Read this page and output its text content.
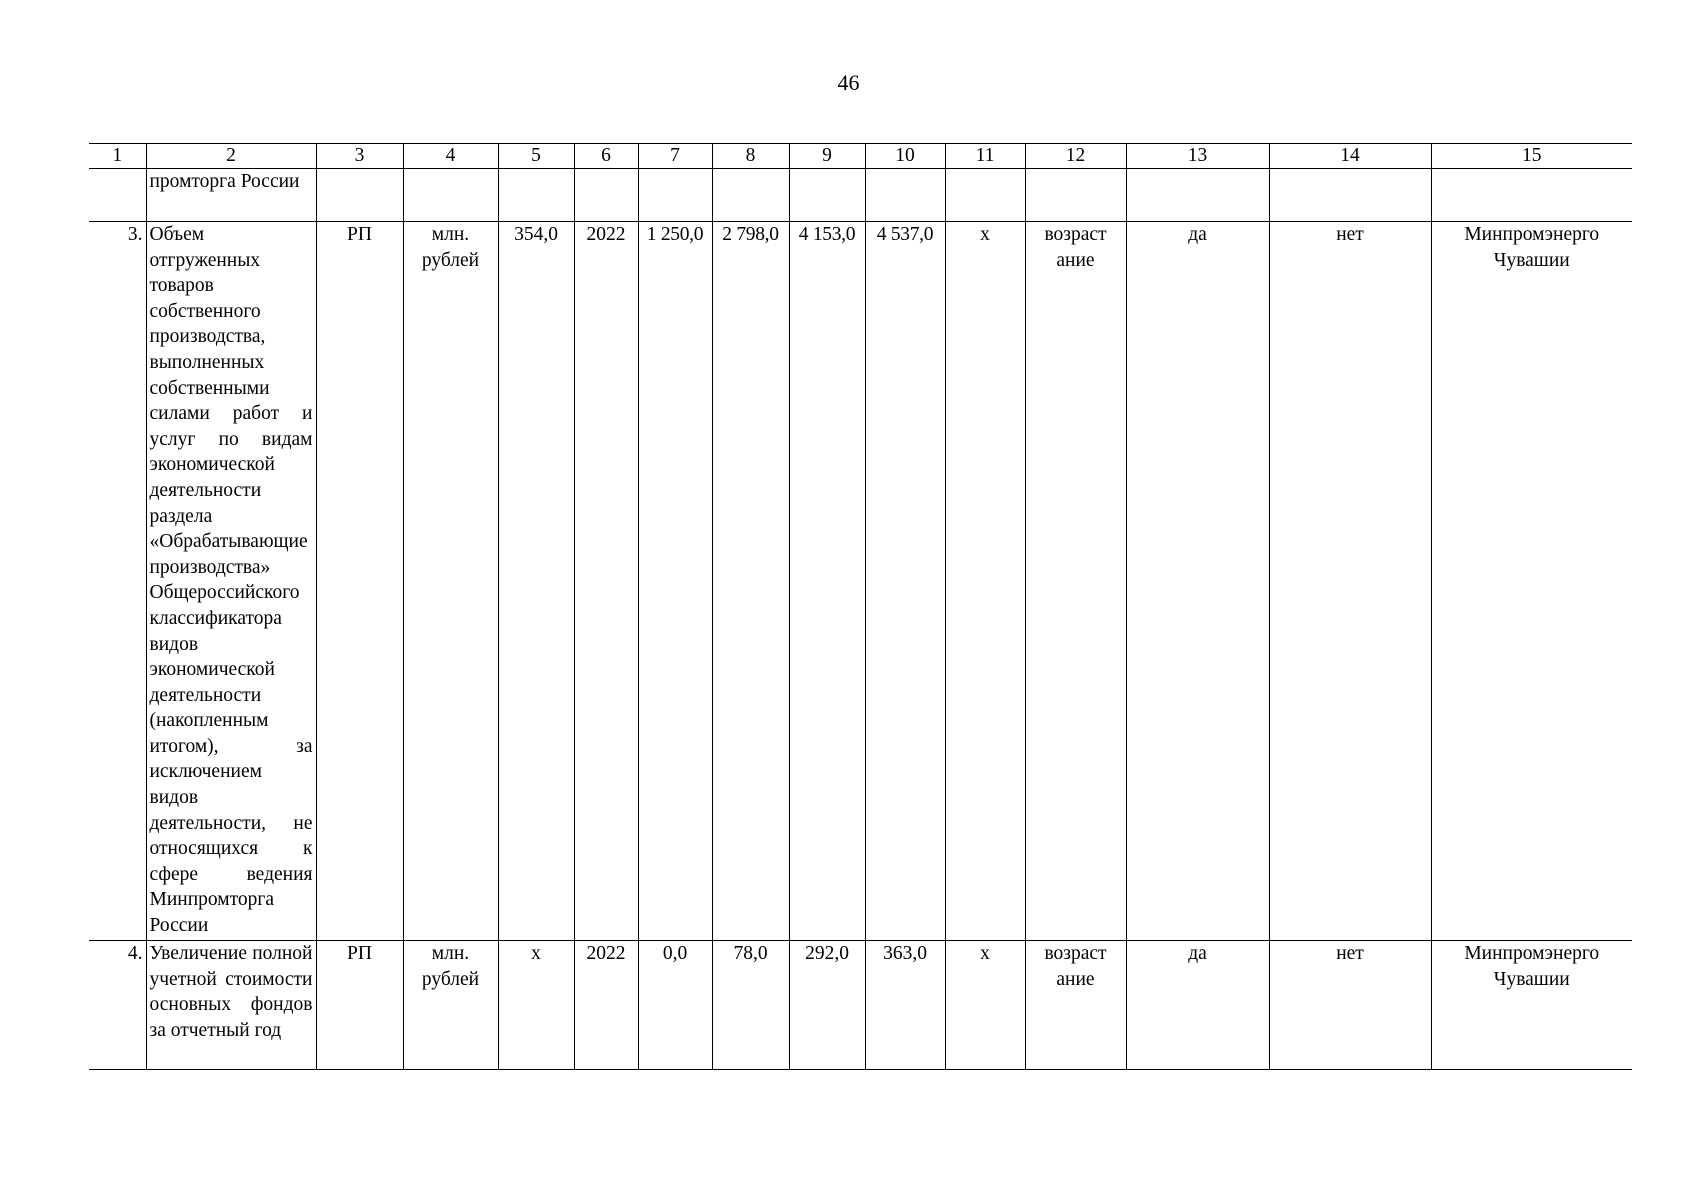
46
1	2	3	4	5	6	7	8	9	10	11	12	13	14	15
	промторга России													
3.	Объем отгруженных товаров собственного производства, выполненных собственными силами работ и услуг по видам экономической деятельности раздела «Обрабатывающие производства» Общероссийского классификатора видов экономической деятельности (накопленным итогом), за исключением видов деятельности, не относящихся к сфере ведения Минпромторга России	РП	млн. рублей	354,0	2022	1 250,0	2 798,0	4 153,0	4 537,0	х	возрастание	да	нет	Минпромэнерго Чувашии
4.	Увеличение полной учетной стоимости основных фондов за отчетный год	РП	млн. рублей	х	2022	0,0	78,0	292,0	363,0	х	возрастание	да	нет	Минпромэнерго Чувашии
